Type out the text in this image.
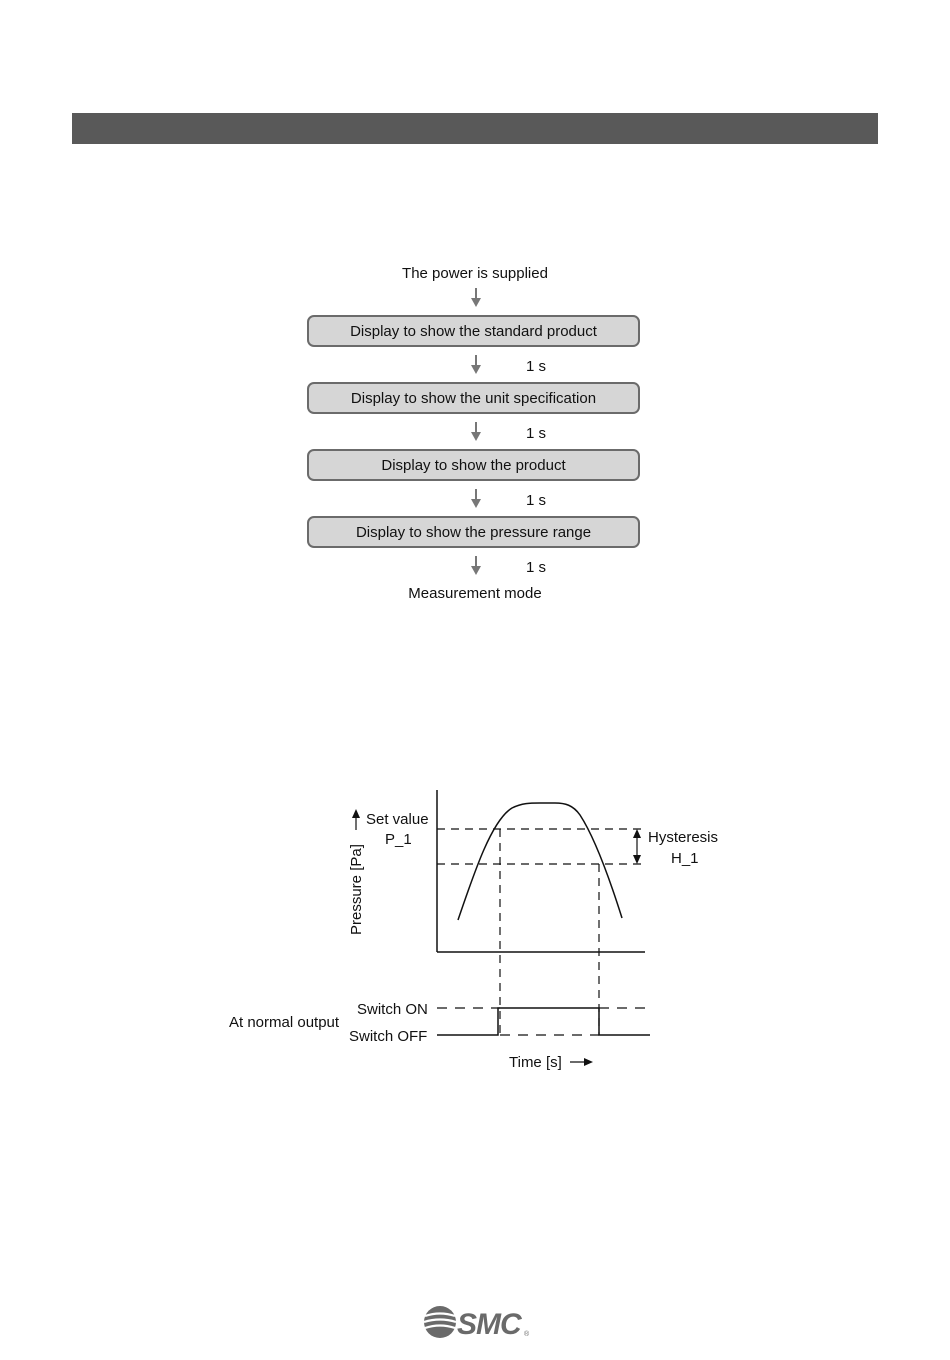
The power is supplied
Display to show the standard product
1 s
Display to show the unit specification
1 s
Display to show the product
1 s
Display to show the pressure range
1 s
Measurement mode
Pressure [Pa]
Set value
P_1	Hysteresis
H_1
At normal output
Switch ON
Switch OFF
Time [s]
SMC ®
